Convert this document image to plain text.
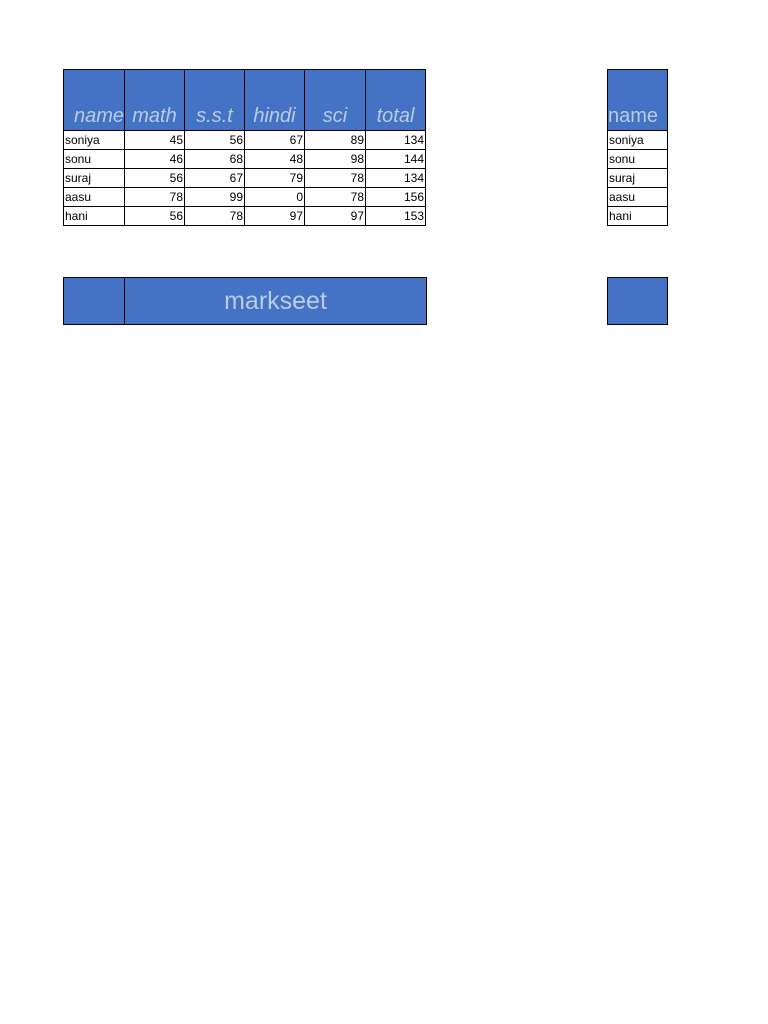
name	math	s.s.t	hindi	sci	total
soniya	45	56	67	89	134
sonu	46	68	48	98	144
suraj	56	67	79	78	134
aasu	78	99	0	78	156
hani	56	78	97	97	153
name
soniya
sonu
suraj
aasu
hani
markseet
